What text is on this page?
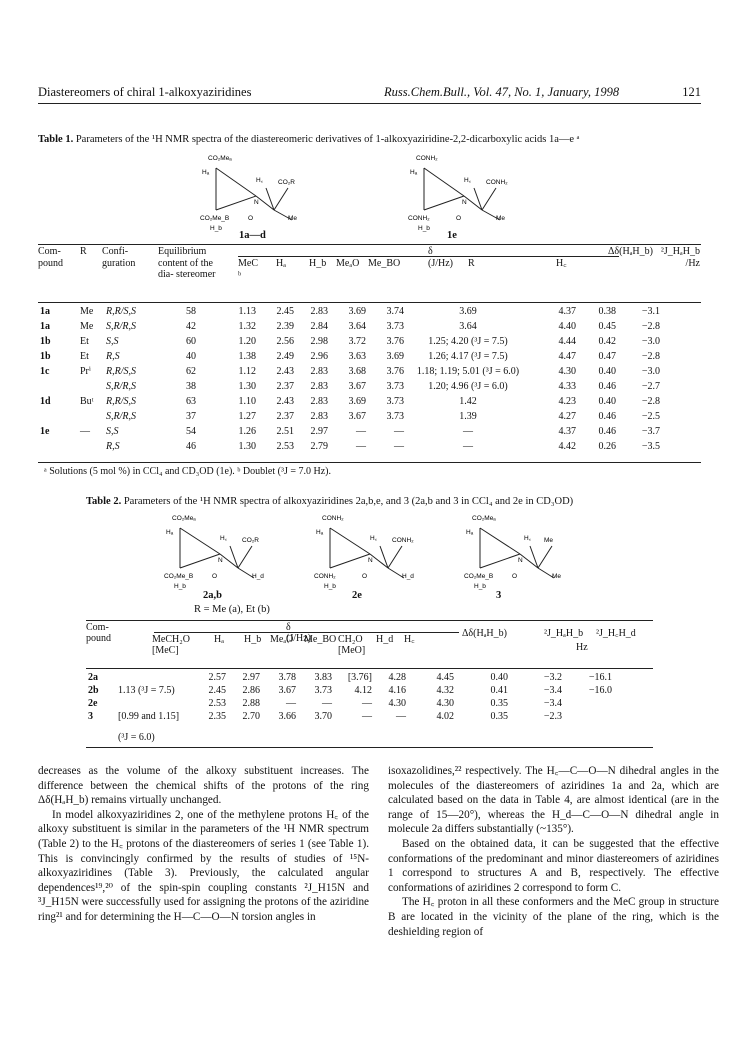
Diastereomers of chiral 1-alkoxyaziridines	Russ.Chem.Bull., Vol. 47, No. 1, January, 1998	121
Table 1. Parameters of the ¹H NMR spectra of the diastereomeric derivatives of 1-alkoxyaziridine-2,2-dicarboxylic acids 1a—e ᵃ
CO₂Meₐ
Hₐ
H꜀ CO₂R
N
CO₂Me_B	O	Me
H_b
CONH₂
Hₐ
H꜀ CONH₂
N
CONH₂	O	Me
H_b
1a—d	1e
Com- pound
R Confi- guration
Equilibrium content of the dia- stereomer
δ (J/Hz)
MeC ᵇ
Hₐ H_b MeₐO Me_BO	R	H꜀
Δδ(HₐH_b) ²J_HₐH_b /Hz
1a	Me	R,R/S,S	58	1.13	2.45	2.83	3.69	3.74	3.69	4.37	0.38	−3.1
1a	Me	S,R/R,S	42	1.32	2.39	2.84	3.64	3.73	3.64	4.40	0.45	−2.8
1b	Et	S,S	60	1.20	2.56	2.98	3.72	3.76	1.25; 4.20 (³J = 7.5)	4.44	0.42	−3.0
1b	Et	R,S	40	1.38	2.49	2.96	3.63	3.69	1.26; 4.17 (³J = 7.5)	4.47	0.47	−2.8
1c	Prⁱ	R,R/S,S	62	1.12	2.43	2.83	3.68	3.76	1.18; 1.19; 5.01 (³J = 6.0)	4.30	0.40	−3.0
		S,R/R,S	38	1.30	2.37	2.83	3.67	3.73	1.20; 4.96 (³J = 6.0)	4.33	0.46	−2.7
1d	Buᵗ	R,R/S,S	63	1.10	2.43	2.83	3.69	3.73	1.42	4.23	0.40	−2.8
		S,R/R,S	37	1.27	2.37	2.83	3.67	3.73	1.39	4.27	0.46	−2.5
1e	—	S,S	54	1.26	2.51	2.97	—	—	—	4.37	0.46	−3.7
		R,S	46	1.30	2.53	2.79	—	—	—	4.42	0.26	−3.5
ᵃ Solutions (5 mol %) in CCl₄ and CD₃OD (1e). ᵇ Doublet (³J = 7.0 Hz).
Table 2. Parameters of the ¹H NMR spectra of alkoxyaziridines 2a,b,e, and 3 (2a,b and 3 in CCl₄ and 2e in CD₃OD)
CO₂Meₐ
Hₐ
H꜀ CO₂R
N
CO₂Me_B	O	H_d
H_b
CONH₂
Hₐ
H꜀ CONH₂
N
CONH₂	O	H_d
H_b
CO₂Meₐ
Hₐ
H꜀ Me
N
CO₂Me_B	O	Me
H_b
2a,b	2e	3
R = Me (a), Et (b)
Com- pound
δ (J/Hz)
MeCH₂O [MeC]
Hₐ H_b MeₐO Me_BO CH₂O [MeO]
H_d H꜀
Δδ(HₐH_b)	²J_HₐH_b ²J_H꜀H_d
Hz
2a		2.57	2.97	3.78	3.83	[3.76]	4.28	4.45	0.40	−3.2	−16.1
2b	1.13 (³J = 7.5)	2.45	2.86	3.67	3.73	4.12	4.16	4.32	0.41	−3.4	−16.0
2e		2.53	2.88	—	—	—	4.30	4.30	0.35	−3.4	
3	[0.99 and 1.15]	2.35	2.70	3.66	3.70	—	—	4.02	0.35	−2.3	
(³J = 6.0)

decreases as the volume of the alkoxy substituent increases. The difference between the chemical shifts of the protons of the ring Δδ(HₐH_b) remains virtually unchanged.

In model alkoxyaziridines 2, one of the methylene protons H꜀ of the alkoxy substituent is similar in the parameters of the ¹H NMR spectrum (Table 2) to the H꜀ protons of the diastereomers of series 1 (see Table 1). This is convincingly confirmed by the results of studies of ¹⁵N-alkoxyaziridines (Table 3). Previously, the calculated angular dependences¹⁹,²⁰ of the spin-spin coupling constants ²J_H15N and ³J_H15N were successfully used for assigning the protons of the aziridine ring²¹ and for determining the H—C—O—N torsion angles in

isoxazolidines,²² respectively. The H꜀—C—O—N dihedral angles in the molecules of the diastereomers of aziridines 1a and 2a, which are calculated based on the data in Table 4, are almost identical (are in the range of 15—20°), whereas the H_d—C—O—N dihedral angle in molecule 2a differs substantially (~135°).

Based on the obtained data, it can be suggested that the effective conformations of the predominant and minor diastereomers of aziridines 1 correspond to structures A and B, respectively. The effective conformations of aziridines 2 correspond to form C.

The H꜀ proton in all these conformers and the MeC group in structure B are located in the vicinity of the plane of the ring, which is the deshielding region of
